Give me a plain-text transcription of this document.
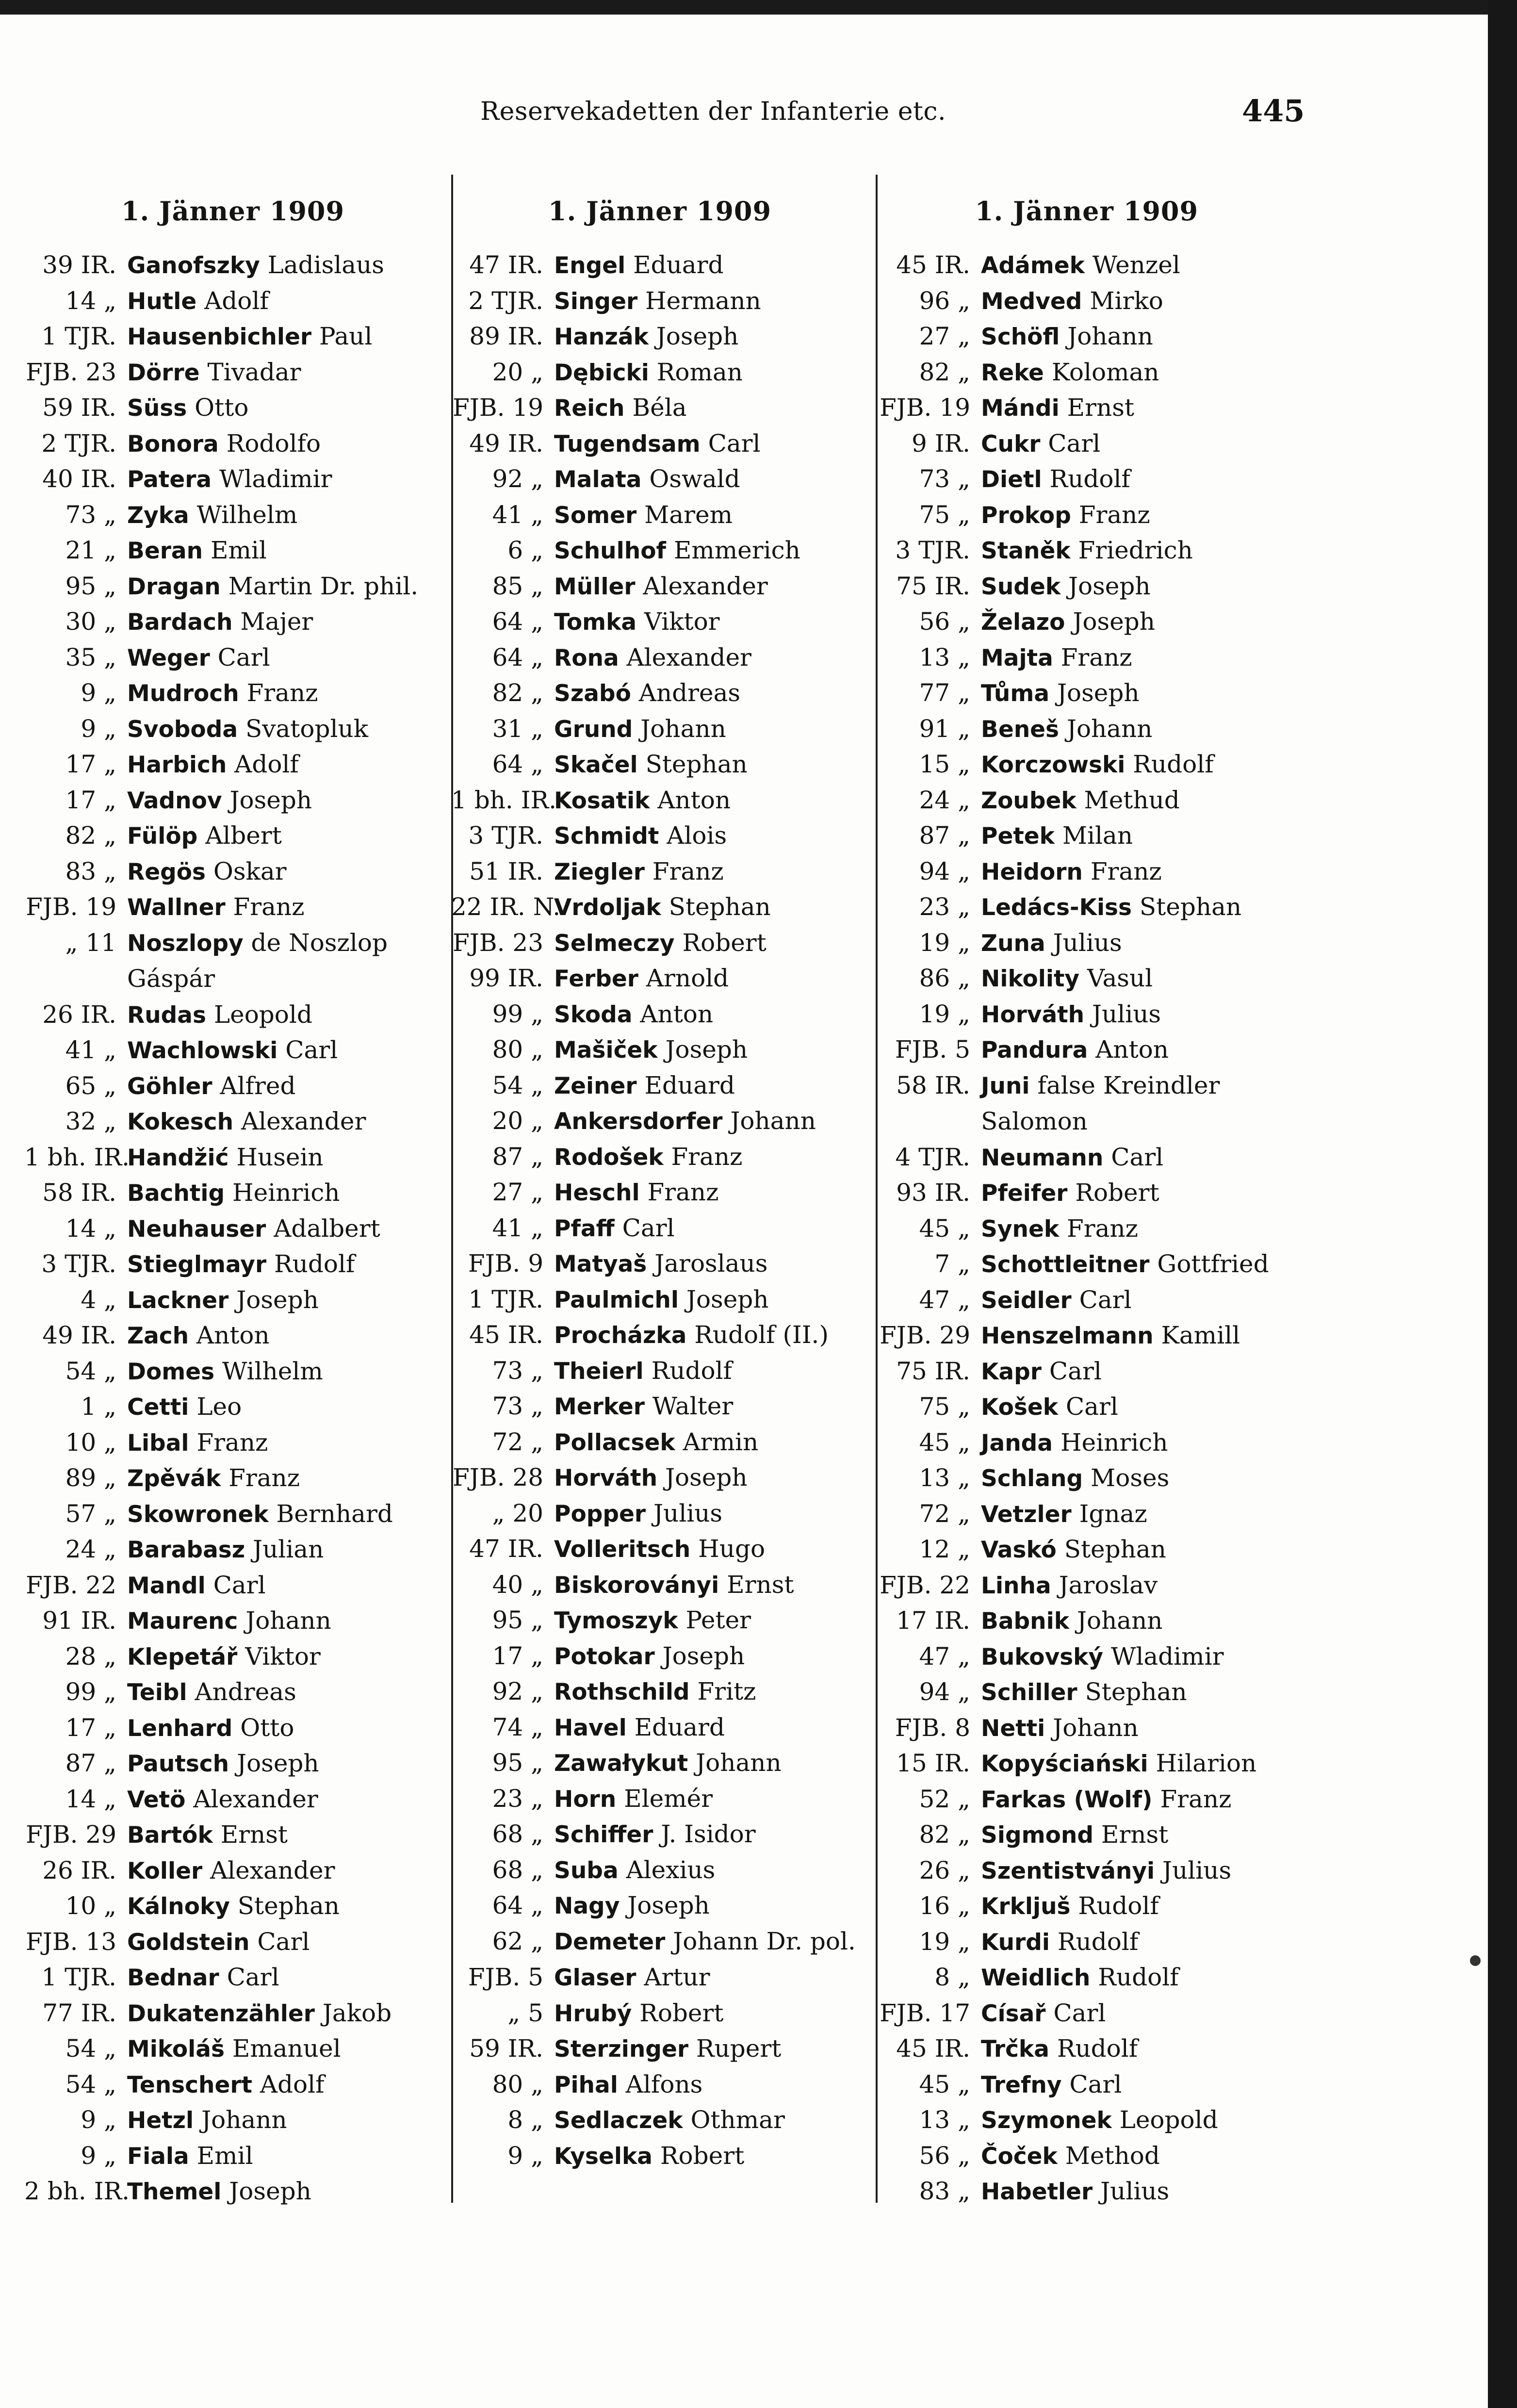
Reservekadetten der Infanterie etc.	445
1. Jänner 1909
39 IR. Ganofszky Ladislaus
14 „ Hutle Adolf
1 TJR. Hausenbichler Paul
FJB. 23 Dörre Tivadar
59 IR. Süss Otto
2 TJR. Bonora Rodolfo
40 IR. Patera Wladimir
73 „ Zyka Wilhelm
21 „ Beran Emil
95 „ Dragan Martin Dr. phil.
30 „ Bardach Majer
35 „ Weger Carl
9 „ Mudroch Franz
9 „ Svoboda Svatopluk
17 „ Harbich Adolf
17 „ Vadnov Joseph
82 „ Fülöp Albert
83 „ Regös Oskar
FJB. 19 Wallner Franz
„ 11 Noszlopy de Noszlop Gáspár
26 IR. Rudas Leopold
41 „ Wachlowski Carl
65 „ Göhler Alfred
32 „ Kokesch Alexander
1 bh. IR.
Handžić Husein
58 IR. Bachtig Heinrich
14 „ Neuhauser Adalbert
3 TJR. Stieglmayr Rudolf
4 „ Lackner Joseph
49 IR. Zach Anton
54 „ Domes Wilhelm
1 „ Cetti Leo
10 „ Libal Franz
89 „ Zpěvák Franz
57 „ Skowronek Bernhard
24 „ Barabasz Julian
FJB. 22 Mandl Carl
91 IR. Maurenc Johann
28 „ Klepetář Viktor
99 „ Teibl Andreas
17 „ Lenhard Otto
87 „ Pautsch Joseph
14 „ Vetö Alexander
FJB. 29 Bartók Ernst
26 IR. Koller Alexander
10 „ Kálnoky Stephan
FJB. 13 Goldstein Carl
1 TJR. Bednar Carl
77 IR. Dukatenzähler Jakob
54 „ Mikoláš Emanuel
54 „ Tenschert Adolf
9 „ Hetzl Johann
9 „ Fiala Emil
2 bh. IR.
Themel Joseph
1. Jänner 1909
47 IR. Engel Eduard
2 TJR. Singer Hermann
89 IR. Hanzák Joseph
20 „ Dębicki Roman
FJB. 19 Reich Béla
49 IR. Tugendsam Carl
92 „ Malata Oswald
41 „ Somer Marem
6 „ Schulhof Emmerich
85 „ Müller Alexander
64 „ Tomka Viktor
64 „ Rona Alexander
82 „ Szabó Andreas
31 „ Grund Johann
64 „ Skačel Stephan
1 bh. IR.
Kosatik Anton
3 TJR. Schmidt Alois
51 IR. Ziegler Franz
22 IR. N.
Vrdoljak Stephan
FJB. 23 Selmeczy Robert
99 IR. Ferber Arnold
99 „ Skoda Anton
80 „ Mašiček Joseph
54 „ Zeiner Eduard
20 „ Ankersdorfer Johann
87 „ Rodošek Franz
27 „ Heschl Franz
41 „ Pfaff Carl
FJB. 9 Matyaš Jaroslaus
1 TJR. Paulmichl Joseph
45 IR. Procházka Rudolf (II.)
73 „ Theierl Rudolf
73 „ Merker Walter
72 „ Pollacsek Armin
FJB. 28 Horváth Joseph
„ 20 Popper Julius
47 IR. Volleritsch Hugo
40 „ Biskoroványi Ernst
95 „ Tymoszyk Peter
17 „ Potokar Joseph
92 „ Rothschild Fritz
74 „ Havel Eduard
95 „ Zawałykut Johann
23 „ Horn Elemér
68 „ Schiffer J. Isidor
68 „ Suba Alexius
64 „ Nagy Joseph
62 „ Demeter Johann Dr. pol.
FJB. 5 Glaser Artur
„ 5 Hrubý Robert
59 IR. Sterzinger Rupert
80 „ Pihal Alfons
8 „ Sedlaczek Othmar
9 „ Kyselka Robert
1. Jänner 1909
45 IR. Adámek Wenzel
96 „ Medved Mirko
27 „ Schöfl Johann
82 „ Reke Koloman
FJB. 19 Mándi Ernst
9 IR. Cukr Carl
73 „ Dietl Rudolf
75 „ Prokop Franz
3 TJR. Staněk Friedrich
75 IR. Sudek Joseph
56 „ Želazo Joseph
13 „ Majta Franz
77 „ Tůma Joseph
91 „ Beneš Johann
15 „ Korczowski Rudolf
24 „ Zoubek Methud
87 „ Petek Milan
94 „ Heidorn Franz
23 „ Ledács-Kiss Stephan
19 „ Zuna Julius
86 „ Nikolity Vasul
19 „ Horváth Julius
FJB. 5 Pandura Anton
58 IR. Juni false Kreindler Salomon
4 TJR. Neumann Carl
93 IR. Pfeifer Robert
45 „ Synek Franz
7 „ Schottleitner Gottfried
47 „ Seidler Carl
FJB. 29 Henszelmann Kamill
75 IR. Kapr Carl
75 „ Košek Carl
45 „ Janda Heinrich
13 „ Schlang Moses
72 „ Vetzler Ignaz
12 „ Vaskó Stephan
FJB. 22 Linha Jaroslav
17 IR. Babnik Johann
47 „ Bukovský Wladimir
94 „ Schiller Stephan
FJB. 8 Netti Johann
15 IR. Kopyściański Hilarion
52 „ Farkas (Wolf) Franz
82 „ Sigmond Ernst
26 „ Szentistványi Julius
16 „ Krkljuš Rudolf
19 „ Kurdi Rudolf
8 „ Weidlich Rudolf
FJB. 17 Císař Carl
45 IR. Trčka Rudolf
45 „ Trefny Carl
13 „ Szymonek Leopold
56 „ Čoček Method
83 „ Habetler Julius
